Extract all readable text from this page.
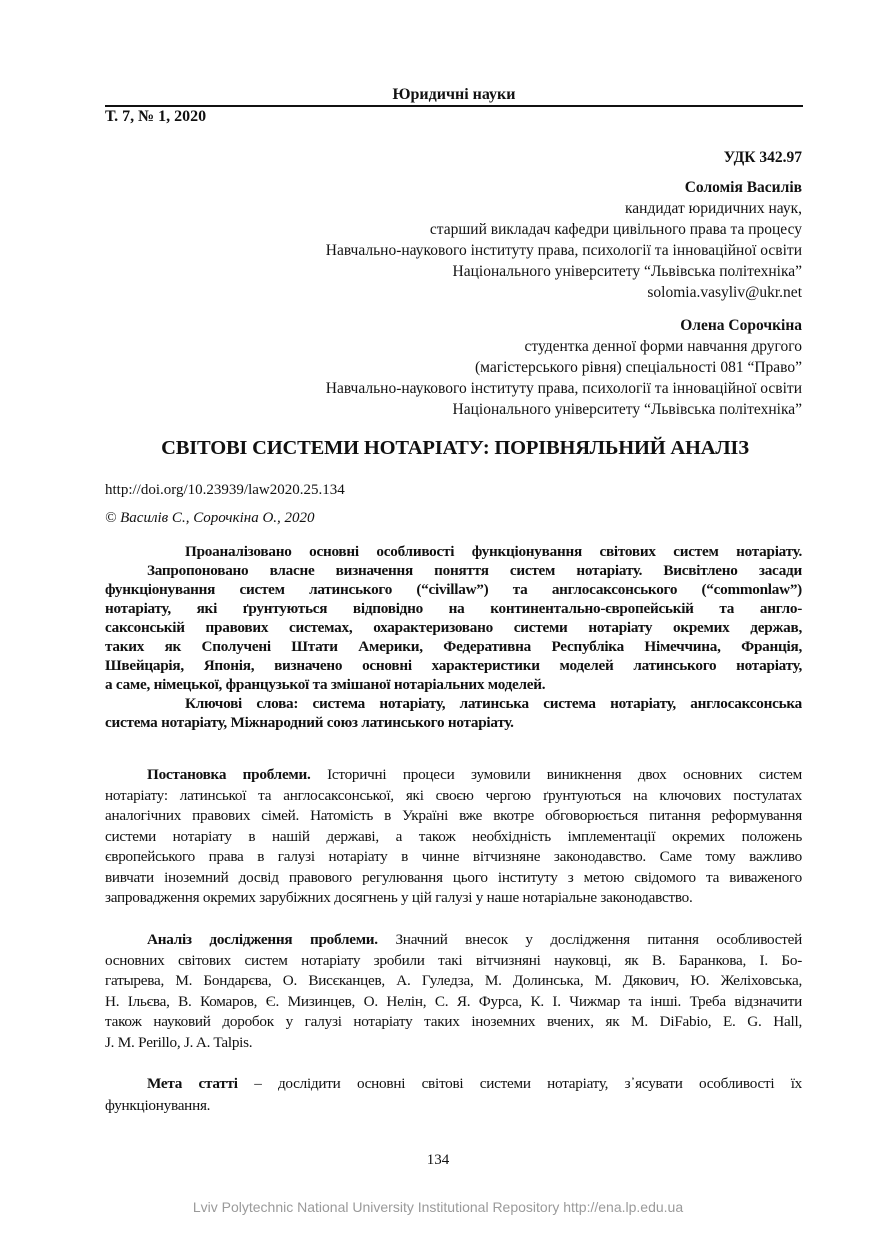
Юридичні науки
Т. 7, № 1, 2020
УДК 342.97
Соломія Василів
кандидат юридичних наук,
старший викладач кафедри цивільного права та процесу
Навчально-наукового інституту права, психології та інноваційної освіти
Національного університету “Львівська політехніка”
solomia.vasyliv@ukr.net
Олена Сорочкіна
студентка денної форми навчання другого
(магістерського рівня) спеціальності 081 “Право”
Навчально-наукового інституту права, психології та інноваційної освіти
Національного університету “Львівська політехніка”
СВІТОВІ СИСТЕМИ НОТАРІАТУ: ПОРІВНЯЛЬНИЙ АНАЛІЗ
http://doi.org/10.23939/law2020.25.134
© Василів С., Сорочкіна О., 2020
Проаналізовано основні особливості функціонування світових систем нотаріату.
Запропоновано власне визначення поняття систем нотаріату. Висвітлено засади
функціонування систем латинського (“civillaw”) та англосаксонського (“commonlaw”)
нотаріату, які ґрунтуються відповідно на континентально-європейській та англо-
саксонській правових системах, охарактеризовано системи нотаріату окремих держав,
таких як Сполучені Штати Америки, Федеративна Республіка Німеччина, Франція,
Швейцарія, Японія, визначено основні характеристики моделей латинського нотаріату,
а саме, німецької, французької та змішаної нотаріальних моделей.
Ключові слова: система нотаріату, латинська система нотаріату, англосаксонська
система нотаріату, Міжнародний союз латинського нотаріату.
Постановка проблеми. Історичні процеси зумовили виникнення двох основних систем
нотаріату: латинської та англосаксонської, які своєю чергою ґрунтуються на ключових постулатах
аналогічних правових сімей. Натомість в Україні вже вкотре обговорюється питання реформування
системи нотаріату в нашій державі, а також необхідність імплементації окремих положень
європейського права в галузі нотаріату в чинне вітчизняне законодавство. Саме тому важливо
вивчати іноземний досвід правового регулювання цього інституту з метою свідомого та виваженого
запровадження окремих зарубіжних досягнень у цій галузі у наше нотаріальне законодавство.
Аналіз дослідження проблеми. Значний внесок у дослідження питання особливостей
основних світових систем нотаріату зробили такі вітчизняні науковці, як В. Баранкова, І. Бо-
гатырева, М. Бондарєва, О. Висєканцев, А. Гуледза, М. Долинська, М. Дякович, Ю. Желіховська,
Н. Ільєва, В. Комаров, Є. Мизинцев, О. Нелін, С. Я. Фурса, К. І. Чижмар та інші. Треба відзначити
також науковий доробок у галузі нотаріату таких іноземних вчених, як M. DiFabio, E. G. Hall,
J. M. Perillo, J. A. Talpis.
Мета статті – дослідити основні світові системи нотаріату, з᾽ясувати особливості їх
функціонування.
134
Lviv Polytechnic National University Institutional Repository http://ena.lp.edu.ua
